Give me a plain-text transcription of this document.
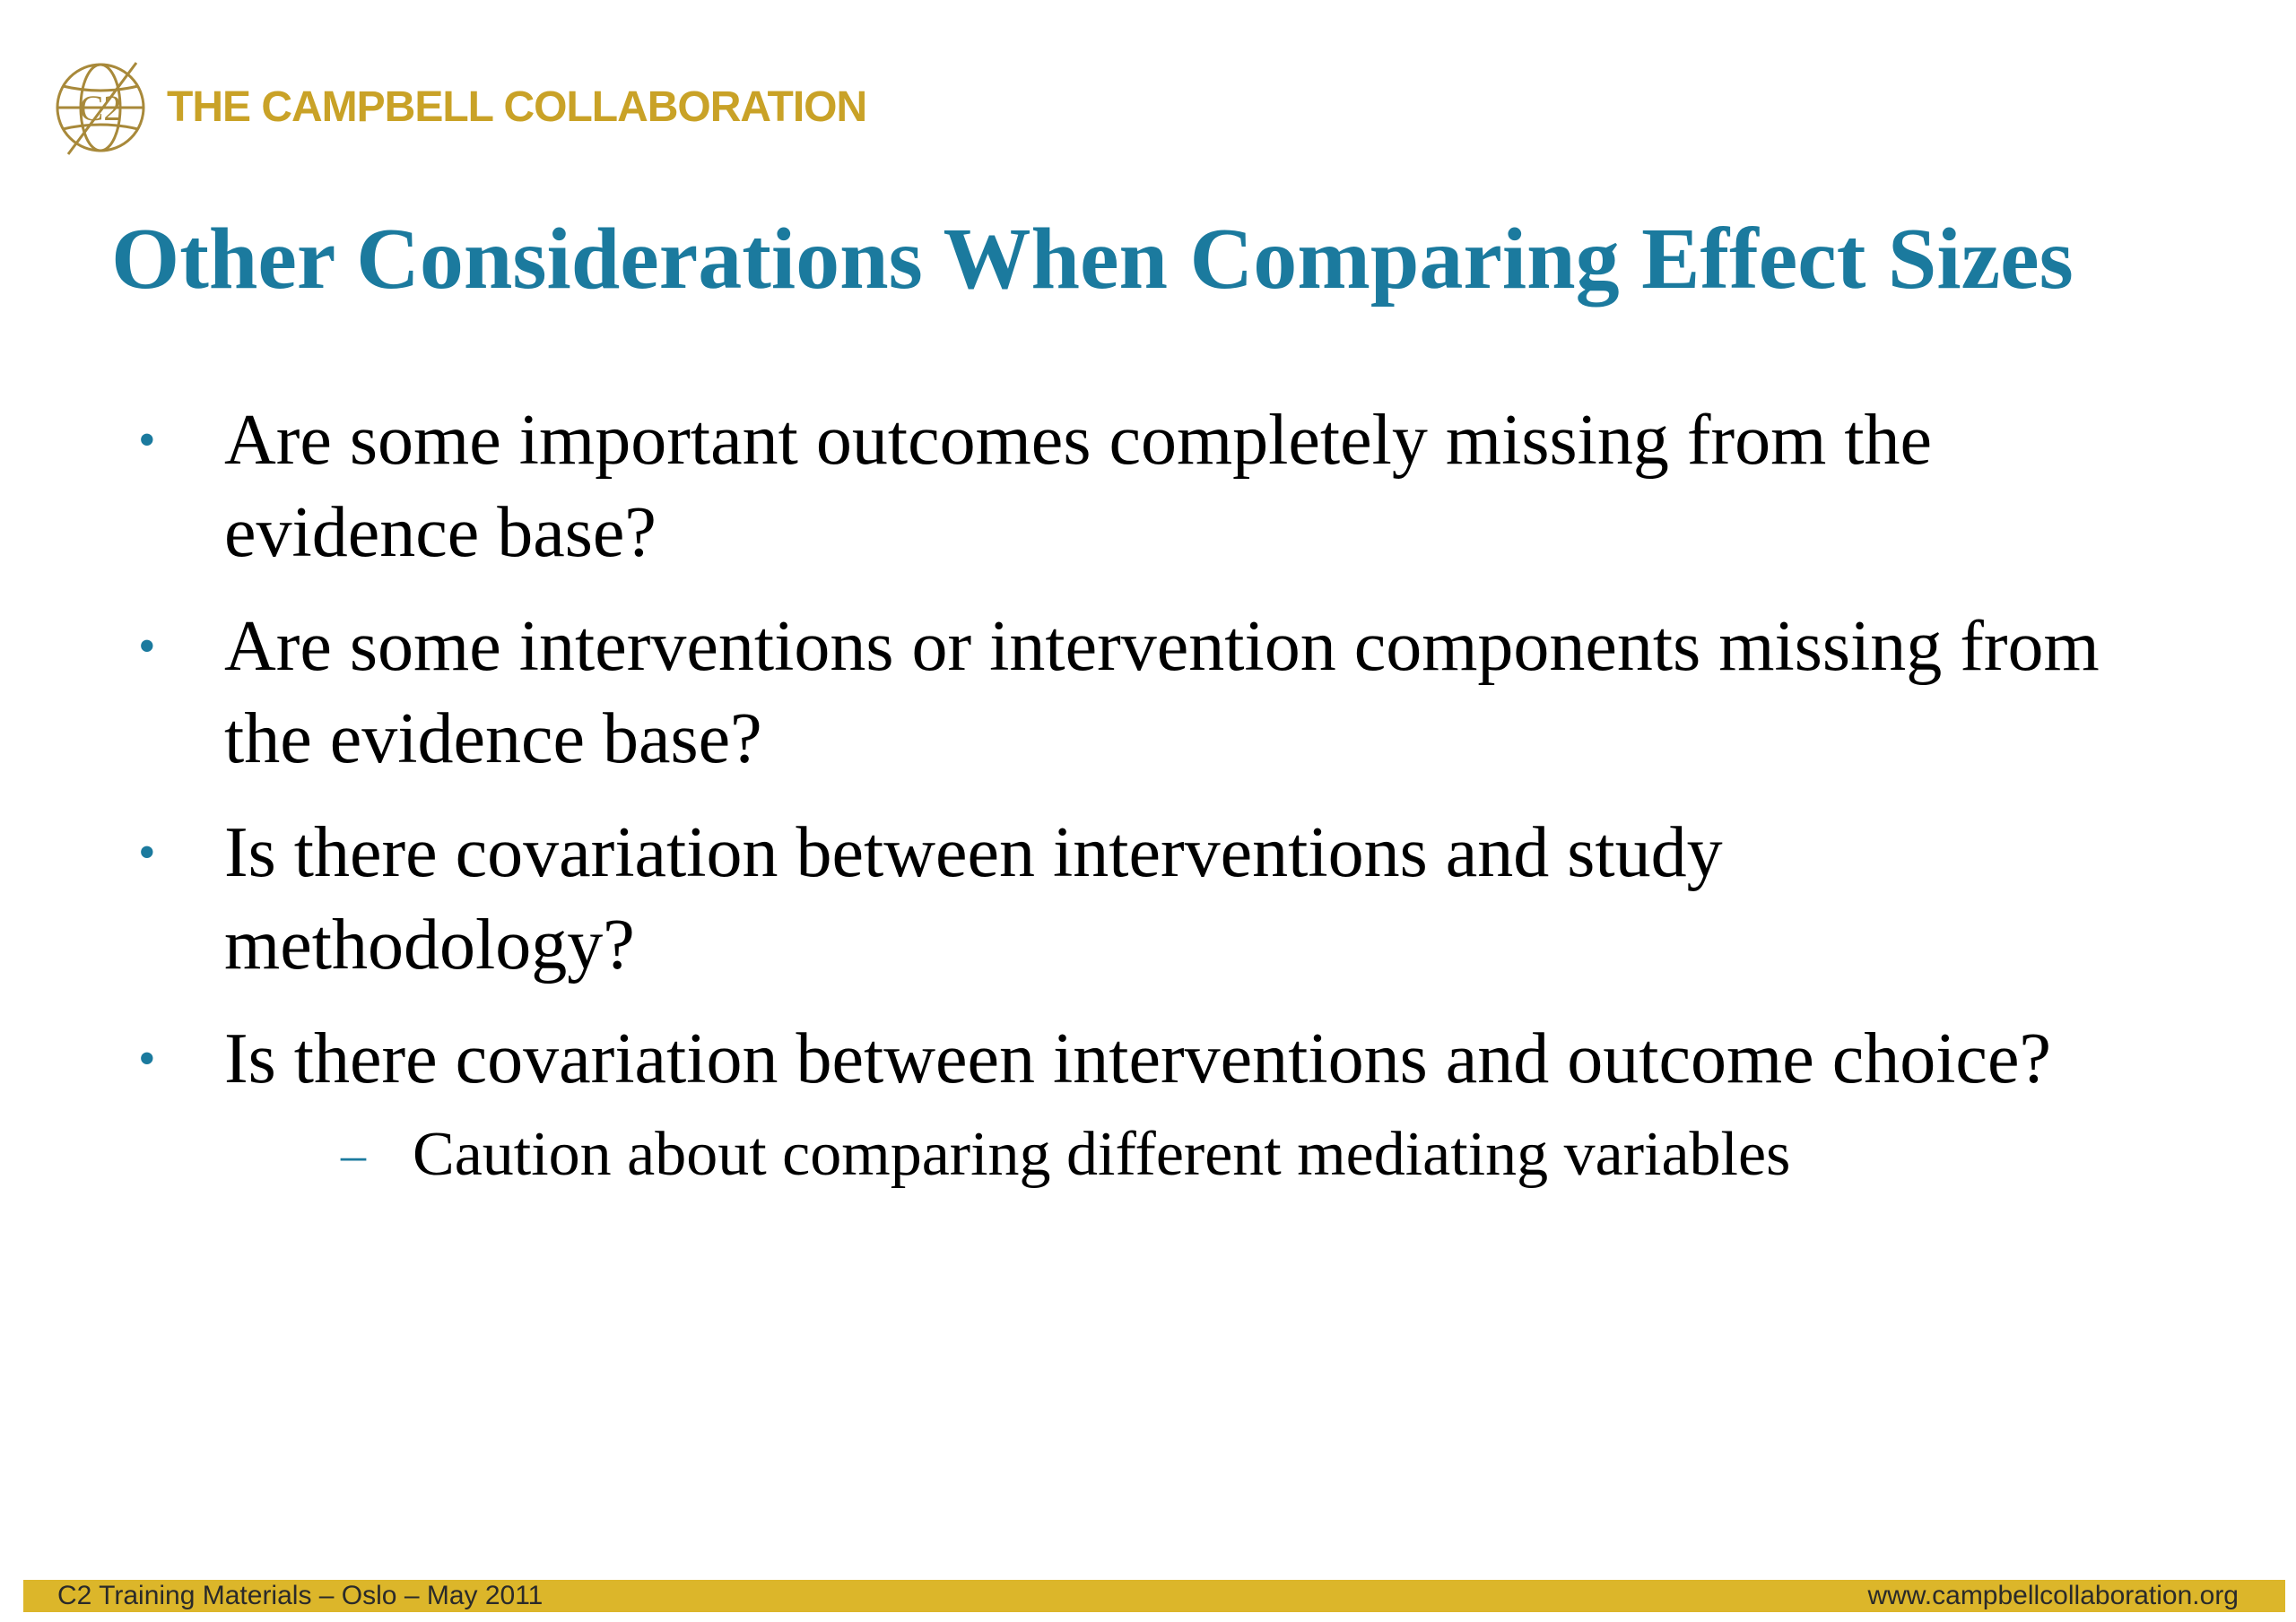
C2 THE CAMPBELL COLLABORATION
Other Considerations When Comparing Effect Sizes
• Are some important outcomes completely missing from the evidence base?
• Are some interventions or intervention components missing from the evidence base?
• Is there covariation between interventions and study methodology?
• Is there covariation between interventions and outcome choice?
– Caution about comparing different mediating variables
C2 Training Materials – Oslo – May 2011	www.campbellcollaboration.org
